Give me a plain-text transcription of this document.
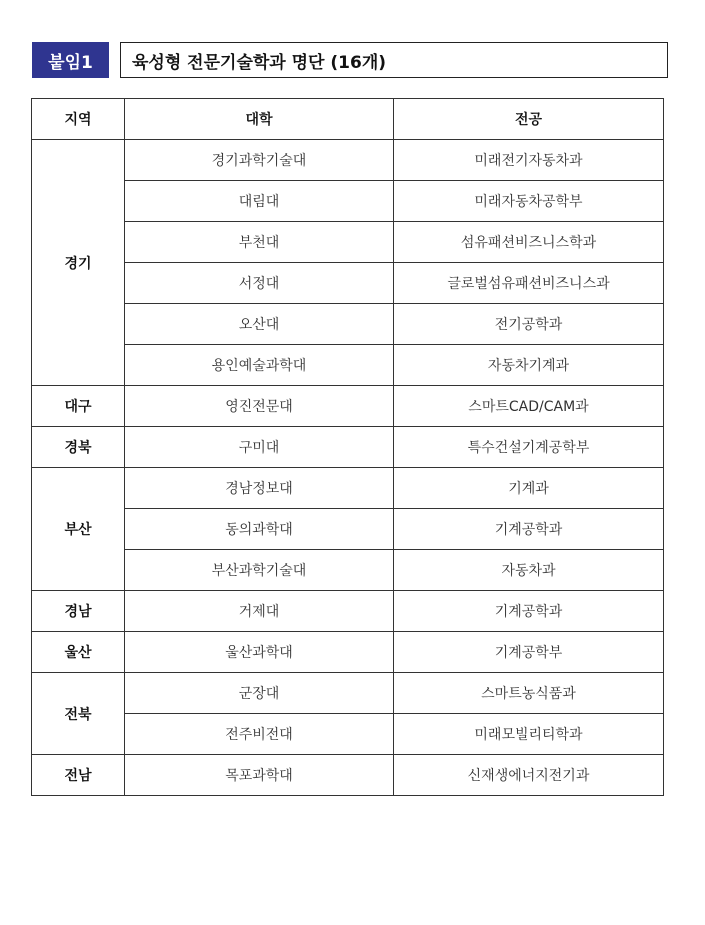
붙임1	육성형 전문기술학과 명단 (16개)
지역	대학	전공
경기	경기과학기술대	미래전기자동차과
	대림대	미래자동차공학부
	부천대	섬유패션비즈니스학과
	서정대	글로벌섬유패션비즈니스과
	오산대	전기공학과
	용인예술과학대	자동차기계과
대구	영진전문대	스마트CAD/CAM과
경북	구미대	특수건설기계공학부
부산	경남정보대	기계과
	동의과학대	기계공학과
	부산과학기술대	자동차과
경남	거제대	기계공학과
울산	울산과학대	기계공학부
전북	군장대	스마트농식품과
	전주비전대	미래모빌리티학과
전남	목포과학대	신재생에너지전기과
